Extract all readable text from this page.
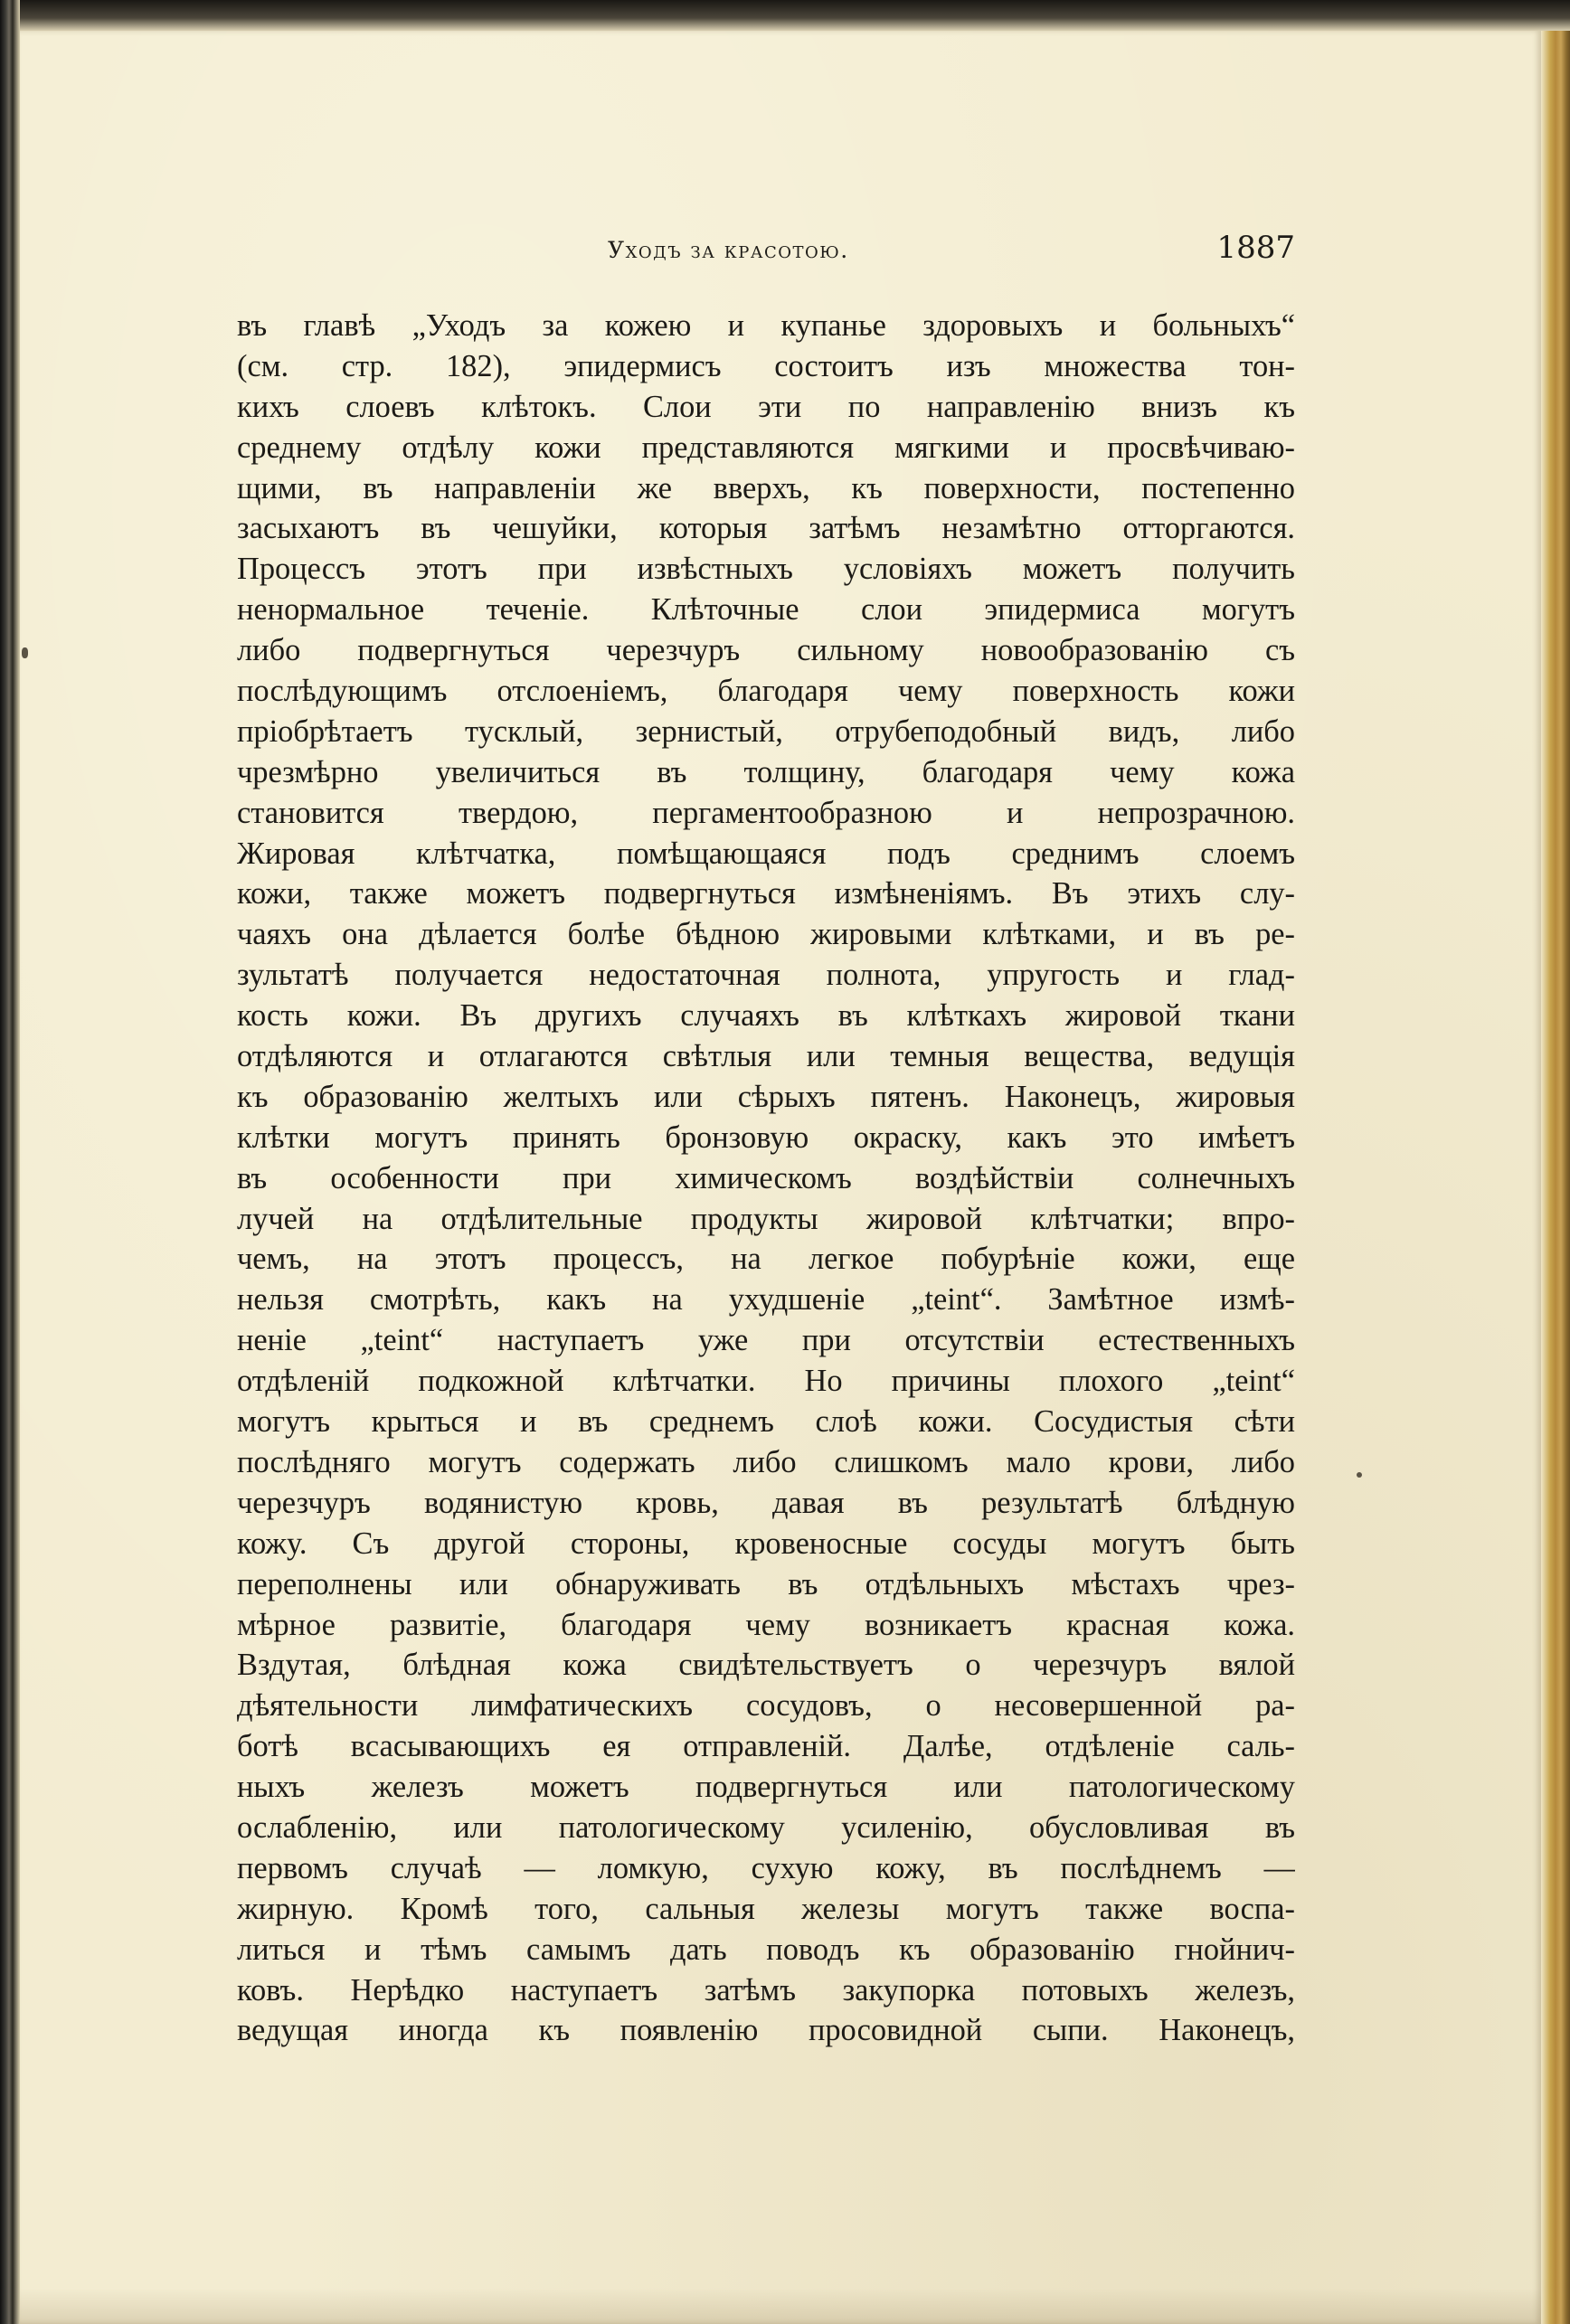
Уходъ за красотою.	1887
въ главѣ „Уходъ за кожею и купанье здоровыхъ и больныхъ“
(см. стр. 182), эпидермисъ состоитъ изъ множества тон-
кихъ слоевъ клѣтокъ. Слои эти по направленію внизъ къ
среднему отдѣлу кожи представляются мягкими и просвѣчиваю-
щими, въ направленіи же вверхъ, къ поверхности, постепенно
засыхаютъ въ чешуйки, которыя затѣмъ незамѣтно отторгаются.
Процессъ этотъ при извѣстныхъ условіяхъ можетъ получить
ненормальное теченіе. Клѣточные слои эпидермиса могутъ
либо подвергнуться черезчуръ сильному новообразованію съ
послѣдующимъ отслоеніемъ, благодаря чему поверхность кожи
пріобрѣтаетъ тусклый, зернистый, отрубеподобный видъ, либо
чрезмѣрно увеличиться въ толщину, благодаря чему кожа
становится твердою, пергаментообразною и непрозрачною.
Жировая клѣтчатка, помѣщающаяся подъ среднимъ слоемъ
кожи, также можетъ подвергнуться измѣненіямъ. Въ этихъ слу-
чаяхъ она дѣлается болѣе бѣдною жировыми клѣтками, и въ ре-
зультатѣ получается недостаточная полнота, упругость и глад-
кость кожи. Въ другихъ случаяхъ въ клѣткахъ жировой ткани
отдѣляются и отлагаются свѣтлыя или темныя вещества, ведущія
къ образованію желтыхъ или сѣрыхъ пятенъ. Наконецъ, жировыя
клѣтки могутъ принять бронзовую окраску, какъ это имѣетъ
въ особенности при химическомъ воздѣйствіи солнечныхъ
лучей на отдѣлительные продукты жировой клѣтчатки; впро-
чемъ, на этотъ процессъ, на легкое побурѣніе кожи, еще
нельзя смотрѣть, какъ на ухудшеніе „teint“. Замѣтное измѣ-
неніе „teint“ наступаетъ уже при отсутствіи естественныхъ
отдѣленій подкожной клѣтчатки. Но причины плохого „teint“
могутъ крыться и въ среднемъ слоѣ кожи. Сосудистыя сѣти
послѣдняго могутъ содержать либо слишкомъ мало крови, либо
черезчуръ водянистую кровь, давая въ результатѣ блѣдную
кожу. Съ другой стороны, кровеносные сосуды могутъ быть
переполнены или обнаруживать въ отдѣльныхъ мѣстахъ чрез-
мѣрное развитіе, благодаря чему возникаетъ красная кожа.
Вздутая, блѣдная кожа свидѣтельствуетъ о черезчуръ вялой
дѣятельности лимфатическихъ сосудовъ, о несовершенной ра-
ботѣ всасывающихъ ея отправленій. Далѣе, отдѣленіе саль-
ныхъ железъ можетъ подвергнуться или патологическому
ослабленію, или патологическому усиленію, обусловливая въ
первомъ случаѣ — ломкую, сухую кожу, въ послѣднемъ —
жирную. Кромѣ того, сальныя железы могутъ также воспа-
литься и тѣмъ самымъ дать поводъ къ образованію гнойнич-
ковъ. Нерѣдко наступаетъ затѣмъ закупорка потовыхъ железъ,
ведущая иногда къ появленію просовидной сыпи. Наконецъ,
